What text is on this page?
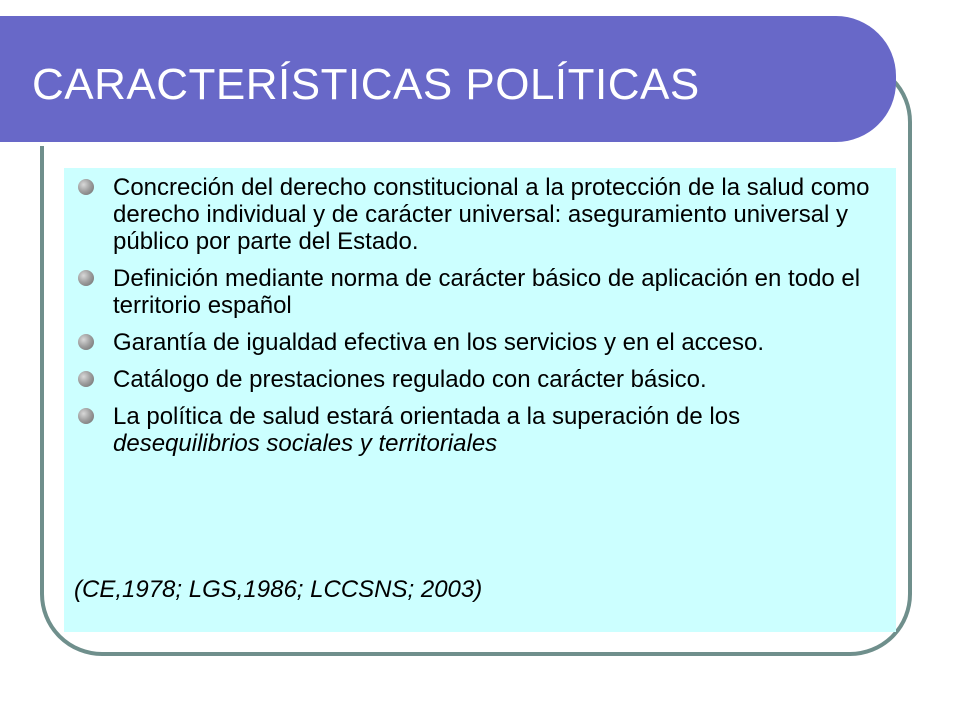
CARACTERÍSTICAS POLÍTICAS
Concreción del derecho constitucional a la protección de la salud como derecho individual y de carácter universal: aseguramiento universal y público por parte del Estado.
Definición mediante norma de carácter básico de aplicación en todo el territorio español
Garantía de igualdad efectiva en los servicios y en el acceso.
Catálogo de prestaciones regulado con carácter básico.
La política de salud estará orientada a la superación de los desequilibrios sociales y territoriales
(CE,1978; LGS,1986; LCCSNS; 2003)
